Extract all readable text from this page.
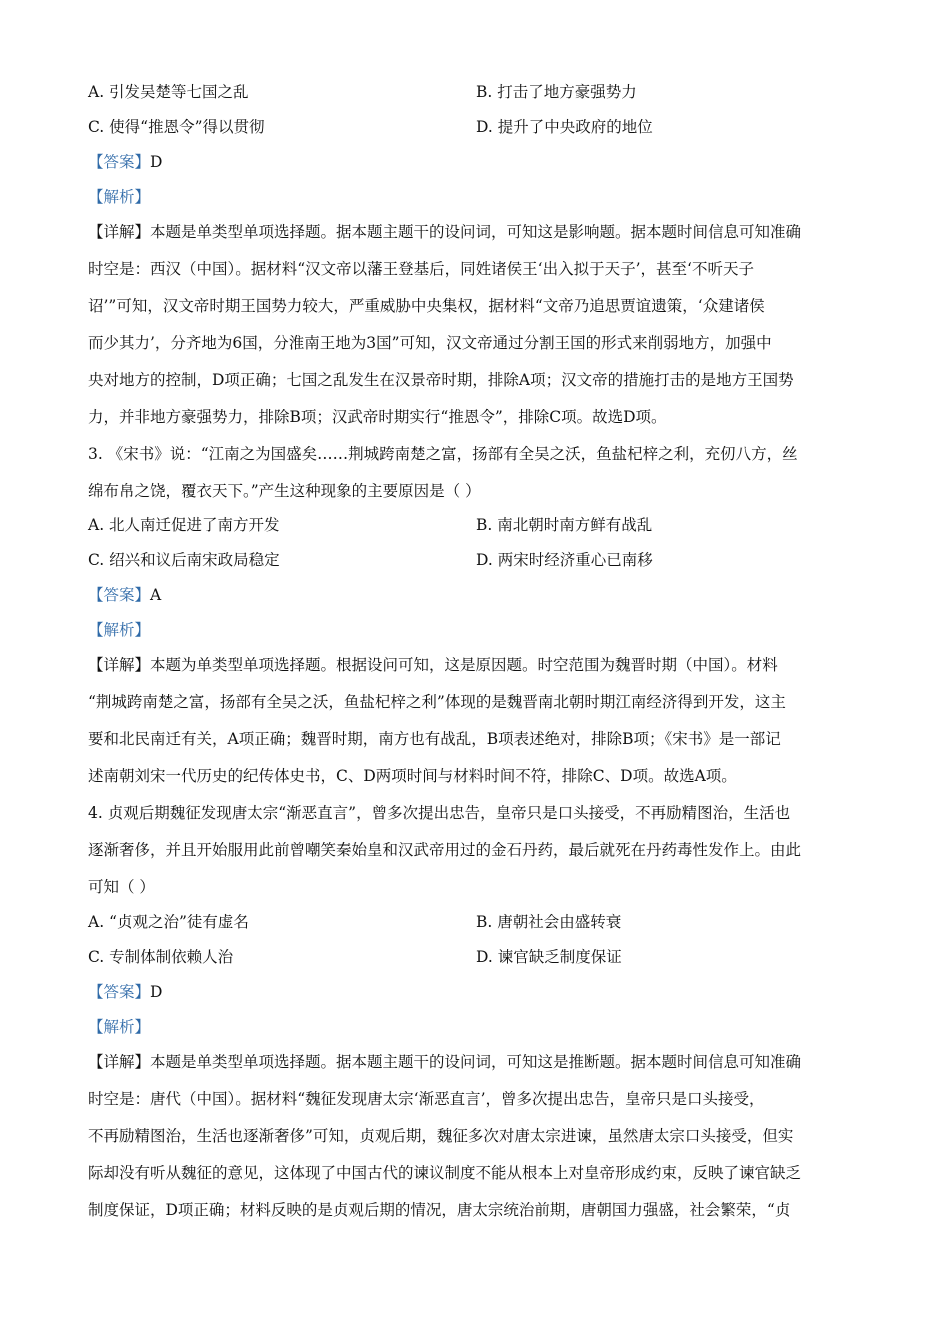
A. 引发吴楚等七国之乱	B. 打击了地方豪强势力
C. 使得“推恩令”得以贯彻	D. 提升了中央政府的地位
【答案】D
【解析】
【详解】本题是单类型单项选择题。据本题主题干的设问词，可知这是影响题。据本题时间信息可知准确
时空是：西汉（中国）。据材料“汉文帝以藩王登基后，同姓诸侯王‘出入拟于天子’，甚至‘不听天子
诏’”可知，汉文帝时期王国势力较大，严重威胁中央集权，据材料“文帝乃追思贾谊遗策，‘众建诸侯
而少其力’，分齐地为6国，分淮南王地为3国”可知，汉文帝通过分割王国的形式来削弱地方，加强中
央对地方的控制，D项正确；七国之乱发生在汉景帝时期，排除A项；汉文帝的措施打击的是地方王国势
力，并非地方豪强势力，排除B项；汉武帝时期实行“推恩令”，排除C项。故选D项。
3. 《宋书》说：“江南之为国盛矣……荆城跨南楚之富，扬部有全吴之沃，鱼盐杞梓之利，充仞八方，丝
绵布帛之饶，覆衣天下。”产生这种现象的主要原因是（ ）
A. 北人南迁促进了南方开发	B. 南北朝时南方鲜有战乱
C. 绍兴和议后南宋政局稳定	D. 两宋时经济重心已南移
【答案】A
【解析】
【详解】本题为单类型单项选择题。根据设问可知，这是原因题。时空范围为魏晋时期（中国）。材料
“荆城跨南楚之富，扬部有全吴之沃，鱼盐杞梓之利”体现的是魏晋南北朝时期江南经济得到开发，这主
要和北民南迁有关，A项正确；魏晋时期，南方也有战乱，B项表述绝对，排除B项；《宋书》是一部记
述南朝刘宋一代历史的纪传体史书，C、D两项时间与材料时间不符，排除C、D项。故选A项。
4. 贞观后期魏征发现唐太宗“渐恶直言”，曾多次提出忠告，皇帝只是口头接受，不再励精图治，生活也
逐渐奢侈，并且开始服用此前曾嘲笑秦始皇和汉武帝用过的金石丹药，最后就死在丹药毒性发作上。由此
可知（ ）
A. “贞观之治”徒有虚名	B. 唐朝社会由盛转衰
C. 专制体制依赖人治	D. 谏官缺乏制度保证
【答案】D
【解析】
【详解】本题是单类型单项选择题。据本题主题干的设问词，可知这是推断题。据本题时间信息可知准确
时空是：唐代（中国）。据材料“魏征发现唐太宗‘渐恶直言’，曾多次提出忠告，皇帝只是口头接受，
不再励精图治，生活也逐渐奢侈”可知，贞观后期，魏征多次对唐太宗进谏，虽然唐太宗口头接受，但实
际却没有听从魏征的意见，这体现了中国古代的谏议制度不能从根本上对皇帝形成约束，反映了谏官缺乏
制度保证，D项正确；材料反映的是贞观后期的情况，唐太宗统治前期，唐朝国力强盛，社会繁荣，“贞
